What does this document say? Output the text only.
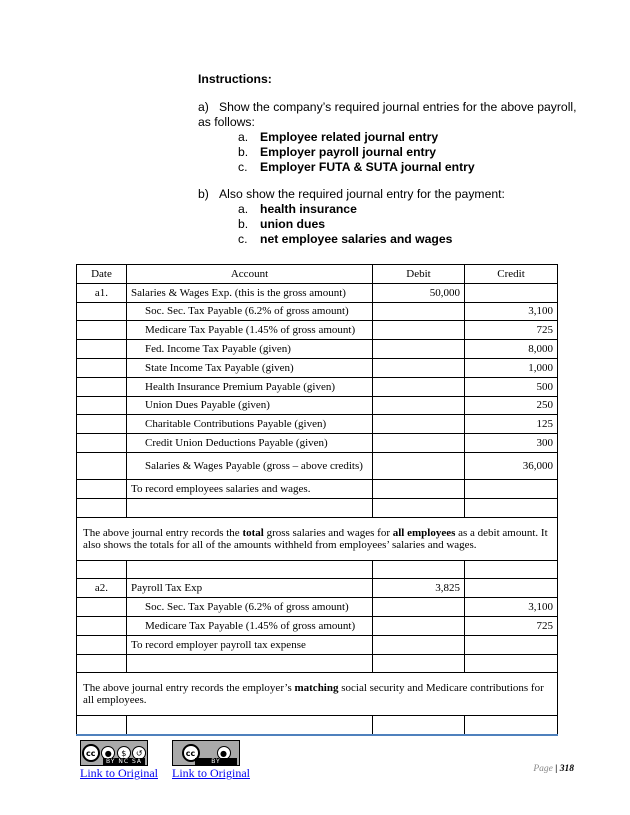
Instructions:

a) Show the company’s required journal entries for the above payroll, as follows:

a. Employee related journal entry
b. Employer payroll journal entry
c.	Employer FUTA & SUTA journal entry

b) Also show the required journal entry for the payment:

a. health insurance
b. union dues
c.	net employee salaries and wages
Date	Account	Debit	Credit
a1.	Salaries & Wages Exp. (this is the gross amount)	50,000	
	Soc. Sec. Tax Payable (6.2% of gross amount)		3,100
	Medicare Tax Payable (1.45% of gross amount)		725
	Fed. Income Tax Payable (given)		8,000
	State Income Tax Payable (given)		1,000
	Health Insurance Premium Payable (given)		500
	Union Dues Payable (given)		250
	Charitable Contributions Payable (given)		125
	Credit Union Deductions Payable (given)		300
	Salaries & Wages Payable (gross – above credits)		36,000
	To record employees salaries and wages.		

The above journal entry records the total gross salaries and wages for all employees as a debit amount. It also shows the totals for all of the amounts withheld from employees’ salaries and wages.			

a2.	Payroll Tax Exp	3,825	
	Soc. Sec. Tax Payable (6.2% of gross amount)		3,100
	Medicare Tax Payable (1.45% of gross amount)		725
	To record employer payroll tax expense		

The above journal entry records the employer’s matching social security and Medicare contributions for all employees.			

cc	●	$	↺
BY NC SA
cc	●
BY
Link to Original Link to Original	Page | 318
